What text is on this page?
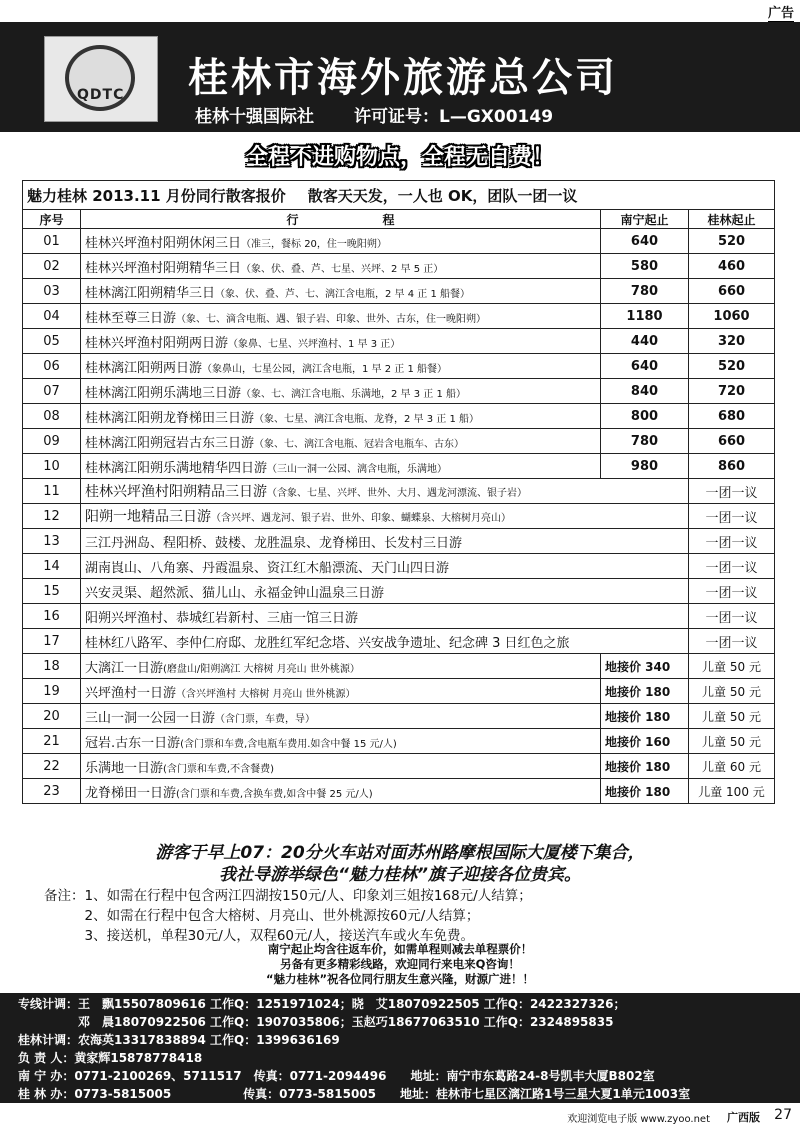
广告
QDTC 桂林市海外旅游总公司
桂林十强国际社 许可证号：L—GX00149
全程不进购物点，全程无自费！
魅力桂林 2013.11 月份同行散客报价 散客天天发，一人也 OK，团队一团一议			
序号	行　　　　　　　程	南宁起止	桂林起止
01	桂林兴坪渔村阳朔休闲三日（准三，餐标 20，住一晚阳朔）	640	520
02	桂林兴坪渔村阳朔精华三日（象、伏、叠、芦、七星、兴坪、2 早 5 正）	580	460
03	桂林漓江阳朔精华三日（象、伏、叠、芦、七、漓江含电瓶，2 早 4 正 1 船餐）	780	660
04	桂林至尊三日游（象、七、滴含电瓶、遇、银子岩、印象、世外、古东，住一晚阳朔）	1180	1060
05	桂林兴坪渔村阳朔两日游（象鼻、七星、兴坪渔村、1 早 3 正）	440	320
06	桂林漓江阳朔两日游（象鼻山，七星公园，漓江含电瓶，1 早 2 正 1 船餐）	640	520
07	桂林漓江阳朔乐满地三日游（象、七、漓江含电瓶、乐满地，2 早 3 正 1 船）	840	720
08	桂林漓江阳朔龙脊梯田三日游（象、七星、漓江含电瓶、龙脊，2 早 3 正 1 船）	800	680
09	桂林漓江阳朔冠岩古东三日游（象、七、漓江含电瓶、冠岩含电瓶车、古东）	780	660
10	桂林漓江阳朔乐满地精华四日游（三山一洞一公园、漓含电瓶，乐满地）	980	860
11	桂林兴坪渔村阳朔精品三日游（含象、七星、兴坪、世外、大月、遇龙河漂流、银子岩）		一团一议
12	阳朔一地精品三日游（含兴坪、遇龙河、银子岩、世外、印象、蝴蝶泉、大榕树月亮山）		一团一议
13	三江丹洲岛、程阳桥、鼓楼、龙胜温泉、龙脊梯田、长发村三日游		一团一议
14	湖南崀山、八角寨、丹霞温泉、资江红木船漂流、天门山四日游		一团一议
15	兴安灵渠、超然派、猫儿山、永福金钟山温泉三日游		一团一议
16	阳朔兴坪渔村、恭城红岩新村、三庙一馆三日游		一团一议
17	桂林红八路军、李仲仁府邸、龙胜红军纪念塔、兴安战争遗址、纪念碑 3 日红色之旅		一团一议
18	大漓江一日游(磨盘山/阳朔漓江 大榕树 月亮山 世外桃源）	地接价 340	儿童 50 元
19	兴坪渔村一日游（含兴坪渔村 大榕树 月亮山 世外桃源）	地接价 180	儿童 50 元
20	三山一洞一公园一日游（含门票，车费，导）	地接价 180	儿童 50 元
21	冠岩.古东一日游(含门票和车费,含电瓶车费用.如含中餐 15 元/人)	地接价 160	儿童 50 元
22	乐满地一日游(含门票和车费,不含餐费)	地接价 180	儿童 60 元
23	龙脊梯田一日游(含门票和车费,含换车费,如含中餐 25 元/人)	地接价 180	儿童 100 元
游客于早上07：20分火车站对面苏州路摩根国际大厦楼下集合，
我社导游举绿色“魅力桂林”旗子迎接各位贵宾。
备注：1、如需在行程中包含两江四湖按150元/人、印象刘三姐按168元/人结算；
　　　2、如需在行程中包含大榕树、月亮山、世外桃源按60元/人结算；
　　　3、接送机，单程30元/人，双程60元/人，接送汽车或火车免费。
南宁起止均含往返车价，如需单程则减去单程票价！
另备有更多精彩线路，欢迎同行来电来Q咨询！
“魅力桂林”祝各位同行朋友生意兴隆，财源广进！！
专线计调：王　飘15507809616 工作Q：1251971024；晓　艾18070922505 工作Q：2422327326；
　　　　　邓　晨18070922506 工作Q：1907035806；玉赵巧18677063510 工作Q：2324895835
桂林计调：农海英13317838894 工作Q：1399636169
负 责 人：黄家辉15878778418
南 宁 办：0771-2100269、5711517　传真：0771-2094496　　地址：南宁市东葛路24-8号凯丰大厦B802室
桂 林 办：0773-5815005　　　　　　传真：0773-5815005　　地址：桂林市七星区漓江路1号三星大夏1单元1003室
欢迎浏览电子版 www.zyoo.net 广西版 27
